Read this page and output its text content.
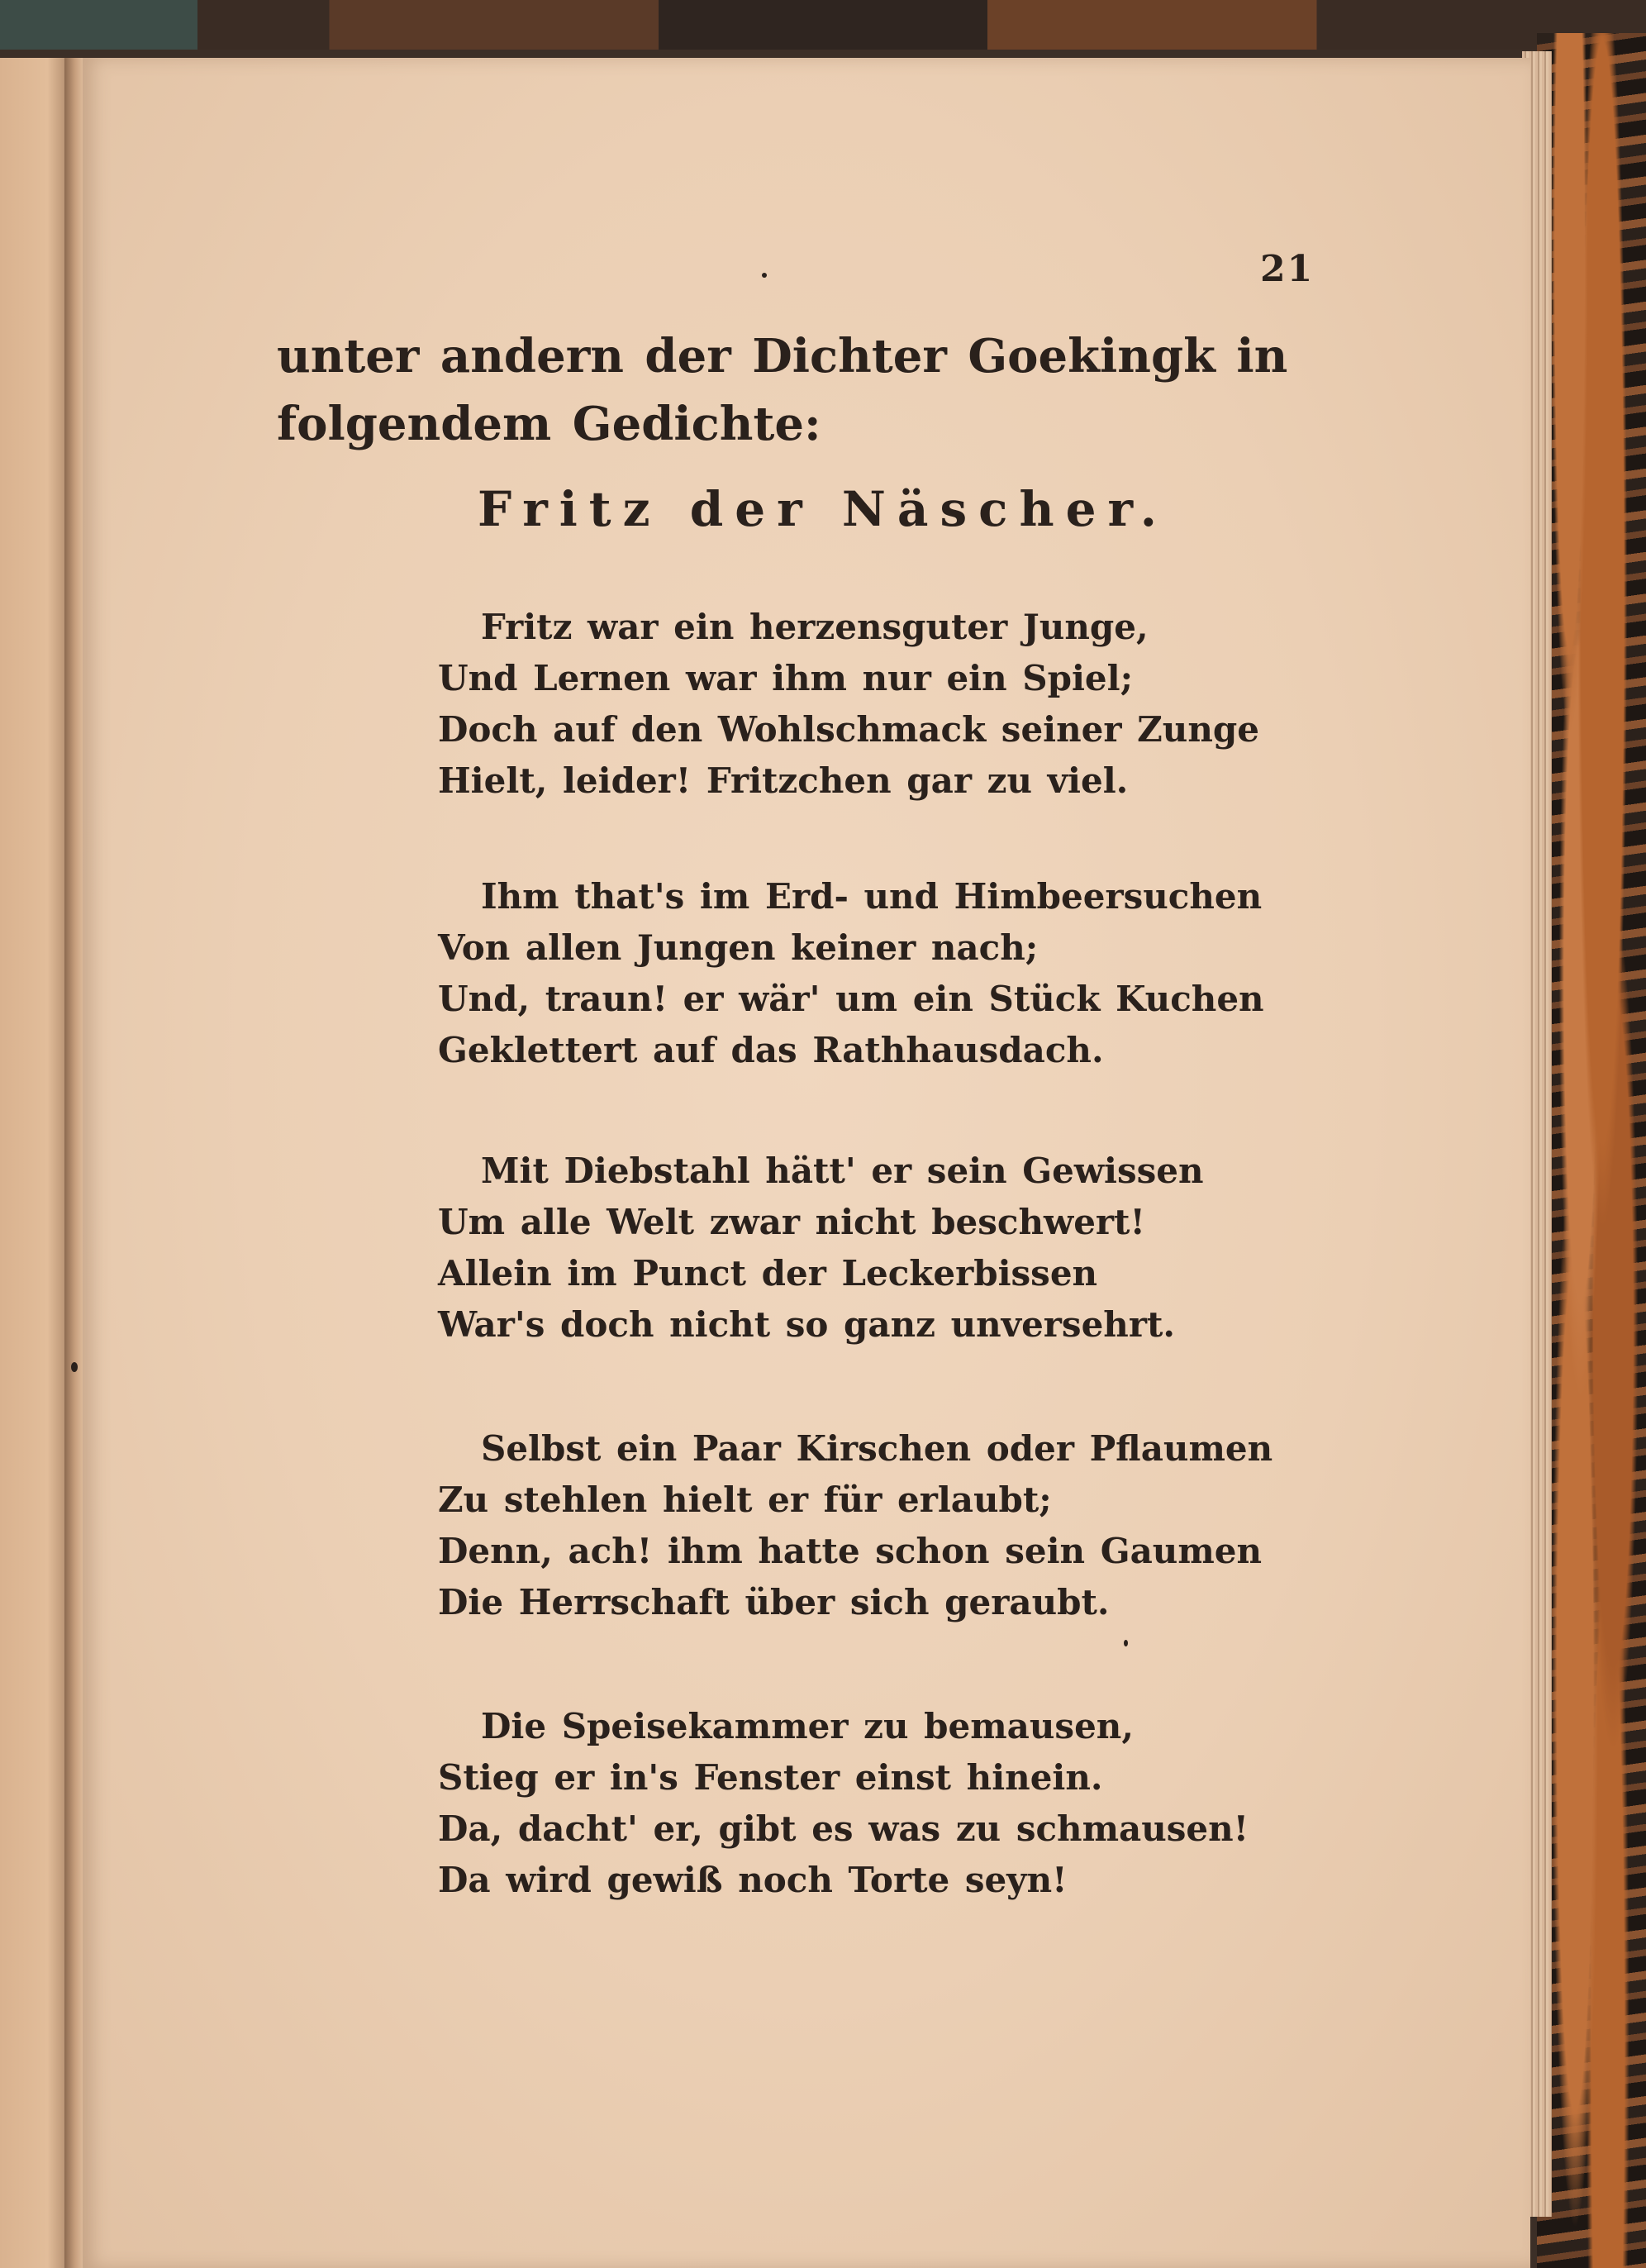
21

unter andern der Dichter Goekingk in folgendem Gedichte:

Fritz der Näscher.

Fritz war ein herzensguter Junge,
Und Lernen war ihm nur ein Spiel;
Doch auf den Wohlschmack seiner Zunge
Hielt, leider! Fritzchen gar zu viel.
Ihm that's im Erd- und Himbeersuchen
Von allen Jungen keiner nach;
Und, traun! er wär' um ein Stück Kuchen
Geklettert auf das Rathhausdach.
Mit Diebstahl hätt' er sein Gewissen
Um alle Welt zwar nicht beschwert!
Allein im Punct der Leckerbissen
War's doch nicht so ganz unversehrt.
Selbst ein Paar Kirschen oder Pflaumen
Zu stehlen hielt er für erlaubt;
Denn, ach! ihm hatte schon sein Gaumen
Die Herrschaft über sich geraubt.
Die Speisekammer zu bemausen,
Stieg er in's Fenster einst hinein.
Da, dacht' er, gibt es was zu schmausen!
Da wird gewiß noch Torte seyn!
